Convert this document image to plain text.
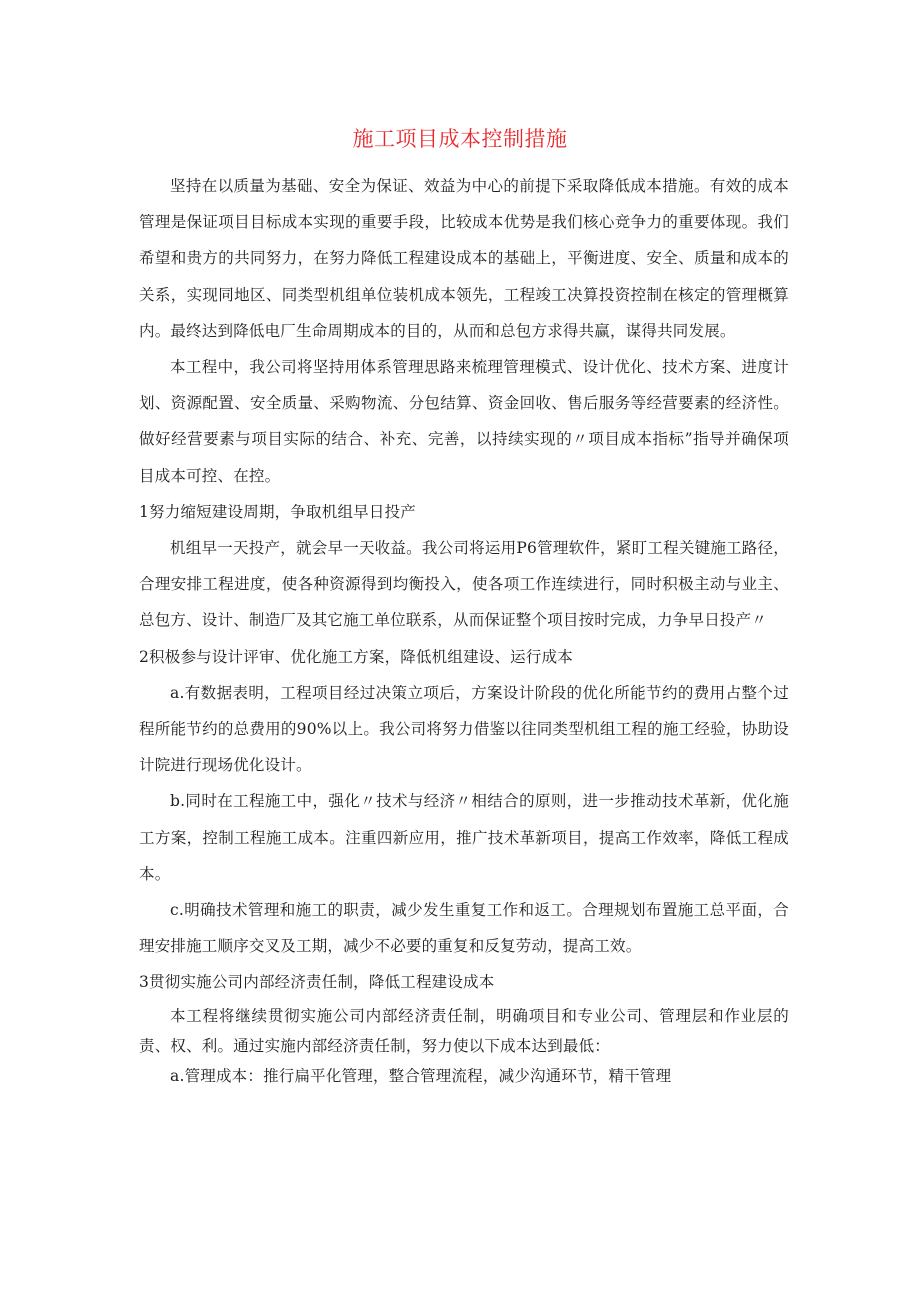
施工项目成本控制措施

坚持在以质量为基础、安全为保证、效益为中心的前提下采取降低成本措施。有效的成本管理是保证项目目标成本实现的重要手段，比较成本优势是我们核心竞争力的重要体现。我们希望和贵方的共同努力，在努力降低工程建设成本的基础上，平衡进度、安全、质量和成本的关系，实现同地区、同类型机组单位装机成本领先，工程竣工决算投资控制在核定的管理概算内。最终达到降低电厂生命周期成本的目的，从而和总包方求得共赢，谋得共同发展。

本工程中，我公司将坚持用体系管理思路来梳理管理模式、设计优化、技术方案、进度计划、资源配置、安全质量、采购物流、分包结算、资金回收、售后服务等经营要素的经济性。做好经营要素与项目实际的结合、补充、完善，以持续实现的〃项目成本指标”指导并确保项目成本可控、在控。

1努力缩短建设周期，争取机组早日投产

机组早一天投产，就会早一天收益。我公司将运用P6管理软件，紧盯工程关键施工路径，合理安排工程进度，使各种资源得到均衡投入，使各项工作连续进行，同时积极主动与业主、总包方、设计、制造厂及其它施工单位联系，从而保证整个项目按时完成，力争早日投产〃

2积极参与设计评审、优化施工方案，降低机组建设、运行成本

a.有数据表明，工程项目经过决策立项后，方案设计阶段的优化所能节约的费用占整个过程所能节约的总费用的90%以上。我公司将努力借鉴以往同类型机组工程的施工经验，协助设计院进行现场优化设计。

b.同时在工程施工中，强化〃技术与经济〃相结合的原则，进一步推动技术革新，优化施工方案，控制工程施工成本。注重四新应用，推广技术革新项目，提高工作效率，降低工程成本。

c.明确技术管理和施工的职责，减少发生重复工作和返工。合理规划布置施工总平面，合理安排施工顺序交叉及工期，减少不必要的重复和反复劳动，提高工效。

3贯彻实施公司内部经济责任制，降低工程建设成本

本工程将继续贯彻实施公司内部经济责任制，明确项目和专业公司、管理层和作业层的责、权、利。通过实施内部经济责任制，努力使以下成本达到最低：

a.管理成本：推行扁平化管理，整合管理流程，减少沟通环节，精干管理
